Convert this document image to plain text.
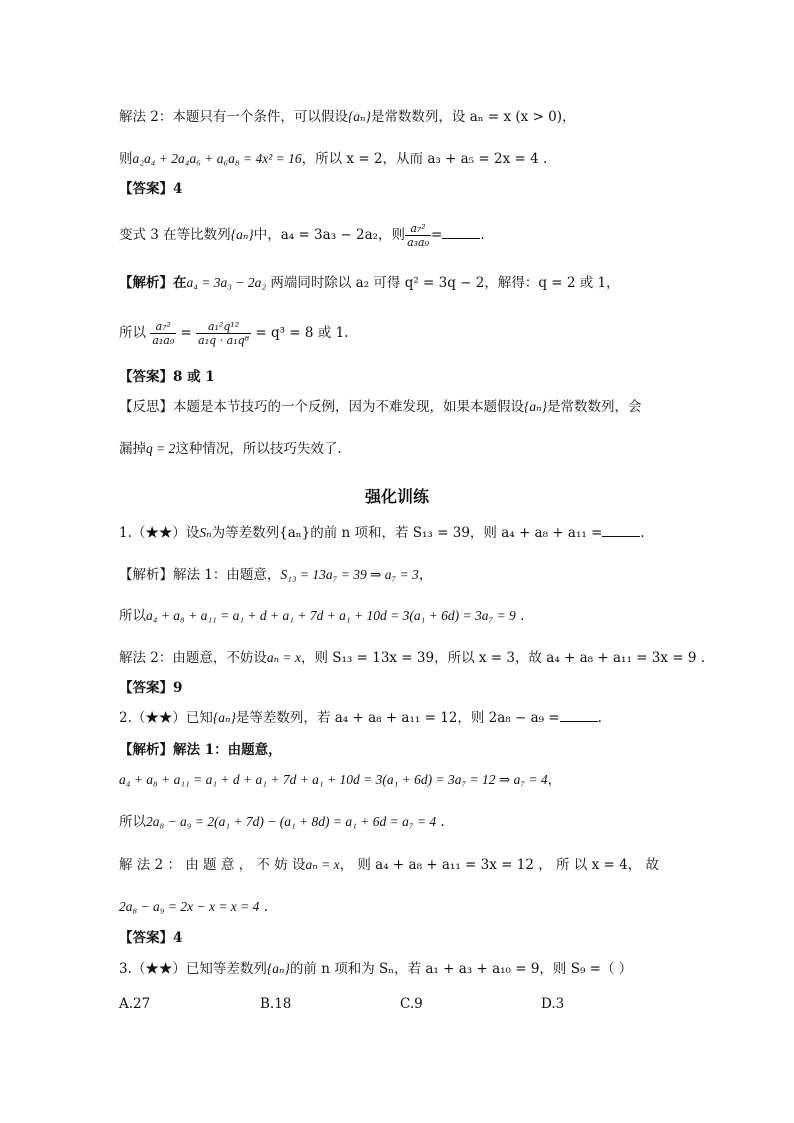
解法 2：本题只有一个条件，可以假设{aₙ}是常数数列，设 aₙ = x (x > 0)，
则a₂a₄ + 2a₄a₆ + a₆a₈ = 4x² = 16，所以 x = 2，从而 a₃ + a₅ = 2x = 4 .
【答案】4
变式 3 在等比数列{aₙ}中，a₄ = 3a₃ − 2a₂，则 $\frac{\text{a₇²}}{\text{a₃a₉}}$ =	.
【解析】在a₄ = 3a₃ − 2a₂ 两端同时除以 a₂ 可得 q² = 3q − 2，解得：q = 2 或 1，
所以 $\frac{\text{a₇²}}{\text{a₁a₉}} = \frac{\text{a₁²q¹²}}{\text{a₁q · a₁q⁸}} = q^3 = 8$ 或 1.
【答案】8 或 1
【反思】本题是本节技巧的一个反例，因为不难发现，如果本题假设{aₙ}是常数数列，会
漏掉q = 2这种情况，所以技巧失效了.
强化训练
1.（★★）设Sₙ为等差数列{aₙ}的前 n 项和，若 S₁₃ = 39，则 a₄ + a₈ + a₁₁ =	.
【解析】解法 1：由题意，S₁₃ = 13a₇ = 39 ⇒ a₇ = 3，
所以a₄ + a₈ + a₁₁ = a₁ + d + a₁ + 7d + a₁ + 10d = 3(a₁ + 6d) = 3a₇ = 9 .
解法 2：由题意，不妨设aₙ = x，则 S₁₃ = 13x = 39，所以 x = 3，故 a₄ + a₈ + a₁₁ = 3x = 9 .
【答案】9
2.（★★）已知{aₙ}是等差数列，若 a₄ + a₈ + a₁₁ = 12，则 2a₈ − a₉ =	.
【解析】解法 1：由题意，
a₄ + a₈ + a₁₁ = a₁ + d + a₁ + 7d + a₁ + 10d = 3(a₁ + 6d) = 3a₇ = 12 ⇒ a₇ = 4，
所以2a₈ − a₉ = 2(a₁ + 7d) − (a₁ + 8d) = a₁ + 6d = a₇ = 4 .
解 法 2 ： 由 题 意 ， 不 妨 设aₙ = x， 则 a₄ + a₈ + a₁₁ = 3x = 12 ， 所 以 x = 4， 故
2a₈ − a₉ = 2x − x = x = 4 .
【答案】4
3.（★★）已知等差数列{aₙ}的前 n 项和为 Sₙ，若 a₁ + a₃ + a₁₀ = 9，则 S₉ =（ ）
A.27	B.18	C.9	D.3
